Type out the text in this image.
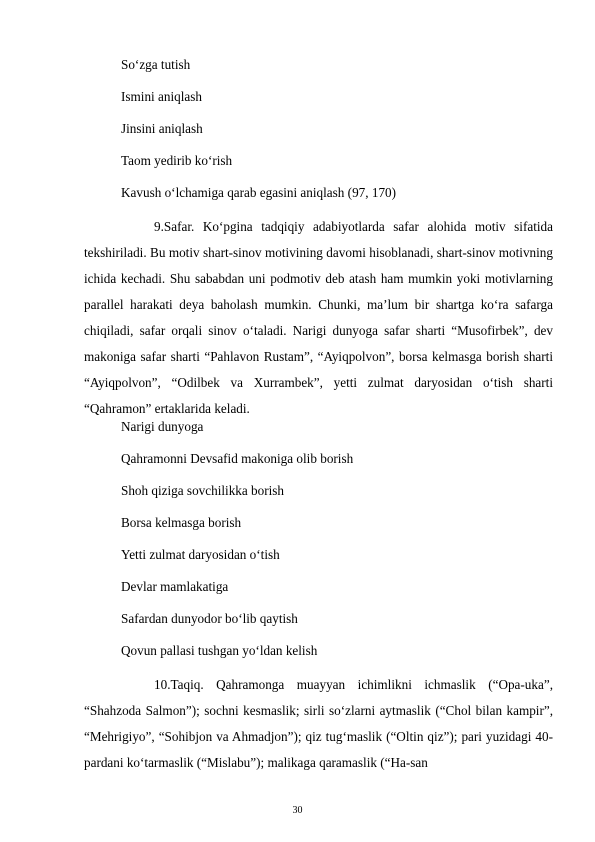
So‘zga tutish
Ismini aniqlash
Jinsini aniqlash
Taom yedirib ko‘rish
Kavush o‘lchamiga qarab egasini aniqlash (97, 170)

9.Safar. Ko‘pgina tadqiqiy adabiyotlarda safar alohida motiv sifatida tekshiriladi. Bu motiv shart-sinov motivining davomi hisoblanadi, shart-sinov motivning ichida kechadi. Shu sababdan uni podmotiv deb atash ham mumkin yoki motivlarning parallel harakati deya baholash mumkin. Chunki, ma’lum bir shartga ko‘ra safarga chiqiladi, safar orqali sinov o‘taladi. Narigi dunyoga safar sharti “Musofirbek”, dev makoniga safar sharti “Pahlavon Rustam”, “Ayiqpolvon”, borsa kelmasga borish sharti “Ayiqpolvon”, “Odilbek va Xurrambek”, yetti zulmat daryosidan o‘tish sharti “Qahramon” ertaklarida keladi.

Narigi dunyoga
Qahramonni Devsafid makoniga olib borish
Shoh qiziga sovchilikka borish
Borsa kelmasga borish
Yetti zulmat daryosidan o‘tish
Devlar mamlakatiga
Safardan dunyodor bo‘lib qaytish
Qovun pallasi tushgan yo‘ldan kelish

10.Taqiq. Qahramonga muayyan ichimlikni ichmaslik (“Opa-uka”, “Shahzoda Salmon”); sochni kesmaslik; sirli so‘zlarni aytmaslik (“Chol bilan kampir”, “Mehrigiyo”, “Sohibjon va Ahmadjon”); qiz tug‘maslik (“Oltin qiz”); pari yuzidagi 40-pardani ko‘tarmaslik (“Mislabu”); malikaga qaramaslik (“Ha-san

30
